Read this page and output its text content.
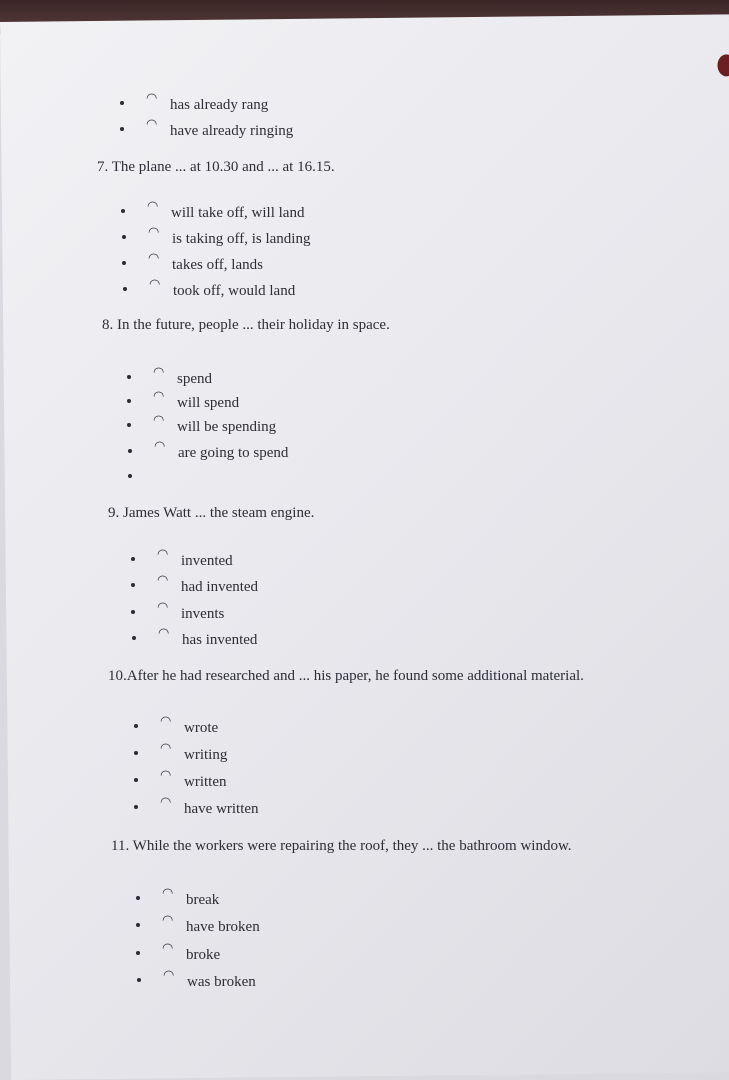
◠ has already rang
◠ have already ringing
7. The plane ... at 10.30 and ... at 16.15.
◠ will take off, will land
◠ is taking off, is landing
◠ takes off, lands
◠ took off, would land
8. In the future, people ... their holiday in space.
◠ spend
◠ will spend
◠ will be spending
◠ are going to spend
9. James Watt ... the steam engine.
◠ invented
◠ had invented
◠ invents
◠ has invented
10.After he had researched and ... his paper, he found some additional material.
◠ wrote
◠ writing
◠ written
◠ have written
11. While the workers were repairing the roof, they ... the bathroom window.
◠ break
◠ have broken
◠ broke
◠ was broken
